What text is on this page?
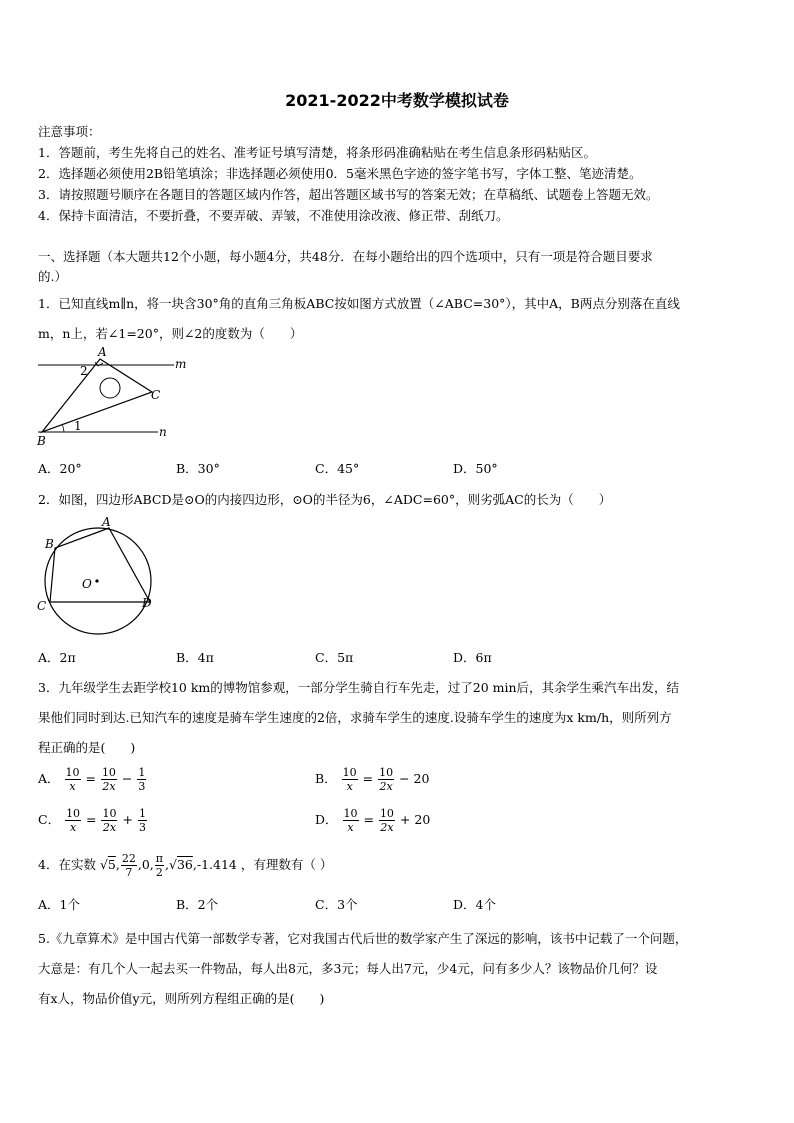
2021-2022中考数学模拟试卷
注意事项：
1．答题前，考生先将自己的姓名、准考证号填写清楚，将条形码准确粘贴在考生信息条形码粘贴区。
2．选择题必须使用2B铅笔填涂；非选择题必须使用0．5毫米黑色字迹的签字笔书写，字体工整、笔迹清楚。
3．请按照题号顺序在各题目的答题区域内作答，超出答题区域书写的答案无效；在草稿纸、试题卷上答题无效。
4．保持卡面清洁，不要折叠，不要弄破、弄皱，不准使用涂改液、修正带、刮纸刀。
一、选择题（本大题共12个小题，每小题4分，共48分．在每小题给出的四个选项中，只有一项是符合题目要求
的.）
1．已知直线m∥n，将一块含30°角的直角三角板ABC按如图方式放置（∠ABC=30°），其中A，B两点分别落在直线
m，n上，若∠1=20°，则∠2的度数为（　　）
A
C
B
m
n
2
1
A．20°	B．30°	C．45°	D．50°
2．如图，四边形ABCD是⊙O的内接四边形，⊙O的半径为6，∠ADC=60°，则劣弧AC的长为（　　）
A
B
C	D
O
A．2π	B．4π	C．5π	D．6π
3．九年级学生去距学校10 km的博物馆参观，一部分学生骑自行车先走，过了20 min后，其余学生乘汽车出发，结
果他们同时到达.已知汽车的速度是骑车学生速度的2倍，求骑车学生的速度.设骑车学生的速度为x km/h，则所列方
程正确的是(　　)
A． $\frac{10}{x} = \frac{10}{2x} - \frac{1}{3}$	B． $\frac{10}{x} = \frac{10}{2x} - 20$
C． $\frac{10}{x} = \frac{10}{2x} + \frac{1}{3}$	D． $\frac{10}{x} = \frac{10}{2x} + 20$
4．在实数 √5, $\frac{22}{7} ,0$, $\frac{\pi}{2} ,√36,-1.414$ ，有理数有（ ）
A．1个	B．2个	C．3个	D．4个
5.《九章算术》是中国古代第一部数学专著，它对我国古代后世的数学家产生了深远的影响，该书中记载了一个问题，
大意是：有几个人一起去买一件物品，每人出8元，多3元；每人出7元，少4元，问有多少人？该物品价几何？设
有x人，物品价值y元，则所列方程组正确的是(　　)
